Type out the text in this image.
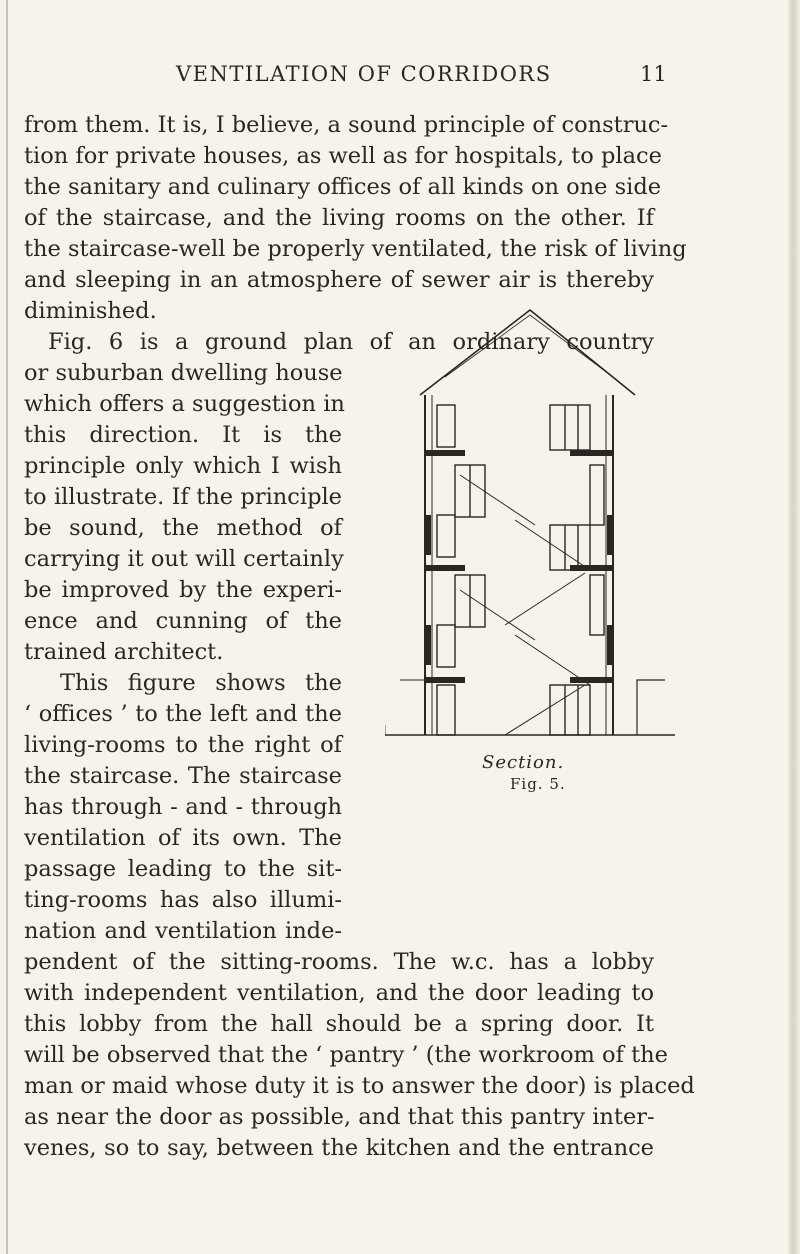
VENTILATION OF CORRIDORS	11
from them. It is, I believe, a sound principle of construc-
tion for private houses, as well as for hospitals, to place
the sanitary and culinary offices of all kinds on one side
of the staircase, and the living rooms on the other. If
the staircase-well be properly ventilated, the risk of living
and sleeping in an atmosphere of sewer air is thereby
diminished.
Fig. 6 is a ground plan of an ordinary country
or suburban dwelling house
which offers a suggestion in
this direction. It is the
principle only which I wish
to illustrate. If the principle
be sound, the method of
carrying it out will certainly
be improved by the experi-
ence and cunning of the
trained architect.
This figure shows the
‘ offices ’ to the left and the
living-rooms to the right of
the staircase. The staircase
has through - and - through
ventilation of its own. The
passage leading to the sit-
ting-rooms has also illumi-
nation and ventilation inde-
pendent of the sitting-rooms. The w.c. has a lobby
with independent ventilation, and the door leading to
this lobby from the hall should be a spring door. It
will be observed that the ‘ pantry ’ (the workroom of the
man or maid whose duty it is to answer the door) is placed
as near the door as possible, and that this pantry inter-
venes, so to say, between the kitchen and the entrance
Section.
Fig. 5.
